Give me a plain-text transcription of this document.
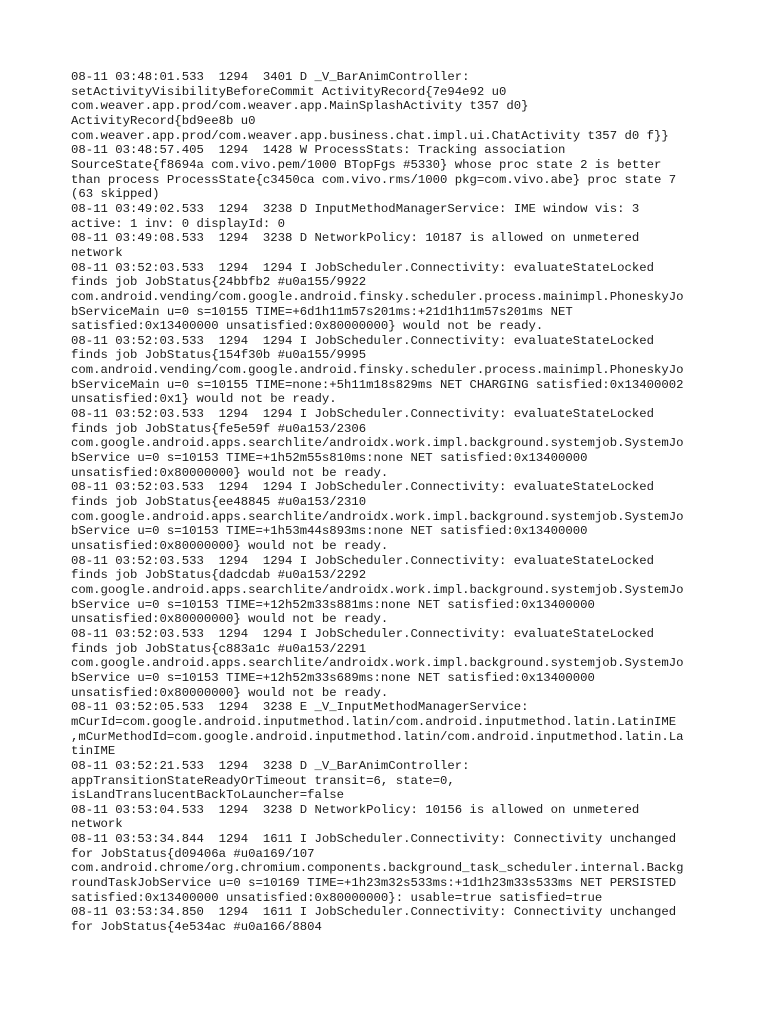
08-11 03:48:01.533  1294  3401 D _V_BarAnimController:
setActivityVisibilityBeforeCommit ActivityRecord{7e94e92 u0
com.weaver.app.prod/com.weaver.app.MainSplashActivity t357 d0}
ActivityRecord{bd9ee8b u0
com.weaver.app.prod/com.weaver.app.business.chat.impl.ui.ChatActivity t357 d0 f}}
08-11 03:48:57.405  1294  1428 W ProcessStats: Tracking association
SourceState{f8694a com.vivo.pem/1000 BTopFgs #5330} whose proc state 2 is better
than process ProcessState{c3450ca com.vivo.rms/1000 pkg=com.vivo.abe} proc state 7
(63 skipped)
08-11 03:49:02.533  1294  3238 D InputMethodManagerService: IME window vis: 3
active: 1 inv: 0 displayId: 0
08-11 03:49:08.533  1294  3238 D NetworkPolicy: 10187 is allowed on unmetered
network
08-11 03:52:03.533  1294  1294 I JobScheduler.Connectivity: evaluateStateLocked
finds job JobStatus{24bbfb2 #u0a155/9922
com.android.vending/com.google.android.finsky.scheduler.process.mainimpl.PhoneskyJo
bServiceMain u=0 s=10155 TIME=+6d1h11m57s201ms:+21d1h11m57s201ms NET
satisfied:0x13400000 unsatisfied:0x80000000} would not be ready.
08-11 03:52:03.533  1294  1294 I JobScheduler.Connectivity: evaluateStateLocked
finds job JobStatus{154f30b #u0a155/9995
com.android.vending/com.google.android.finsky.scheduler.process.mainimpl.PhoneskyJo
bServiceMain u=0 s=10155 TIME=none:+5h11m18s829ms NET CHARGING satisfied:0x13400002
unsatisfied:0x1} would not be ready.
08-11 03:52:03.533  1294  1294 I JobScheduler.Connectivity: evaluateStateLocked
finds job JobStatus{fe5e59f #u0a153/2306
com.google.android.apps.searchlite/androidx.work.impl.background.systemjob.SystemJo
bService u=0 s=10153 TIME=+1h52m55s810ms:none NET satisfied:0x13400000
unsatisfied:0x80000000} would not be ready.
08-11 03:52:03.533  1294  1294 I JobScheduler.Connectivity: evaluateStateLocked
finds job JobStatus{ee48845 #u0a153/2310
com.google.android.apps.searchlite/androidx.work.impl.background.systemjob.SystemJo
bService u=0 s=10153 TIME=+1h53m44s893ms:none NET satisfied:0x13400000
unsatisfied:0x80000000} would not be ready.
08-11 03:52:03.533  1294  1294 I JobScheduler.Connectivity: evaluateStateLocked
finds job JobStatus{dadcdab #u0a153/2292
com.google.android.apps.searchlite/androidx.work.impl.background.systemjob.SystemJo
bService u=0 s=10153 TIME=+12h52m33s881ms:none NET satisfied:0x13400000
unsatisfied:0x80000000} would not be ready.
08-11 03:52:03.533  1294  1294 I JobScheduler.Connectivity: evaluateStateLocked
finds job JobStatus{c883a1c #u0a153/2291
com.google.android.apps.searchlite/androidx.work.impl.background.systemjob.SystemJo
bService u=0 s=10153 TIME=+12h52m33s689ms:none NET satisfied:0x13400000
unsatisfied:0x80000000} would not be ready.
08-11 03:52:05.533  1294  3238 E _V_InputMethodManagerService:
mCurId=com.google.android.inputmethod.latin/com.android.inputmethod.latin.LatinIME
,mCurMethodId=com.google.android.inputmethod.latin/com.android.inputmethod.latin.La
tinIME
08-11 03:52:21.533  1294  3238 D _V_BarAnimController:
appTransitionStateReadyOrTimeout transit=6, state=0,
isLandTranslucentBackToLauncher=false
08-11 03:53:04.533  1294  3238 D NetworkPolicy: 10156 is allowed on unmetered
network
08-11 03:53:34.844  1294  1611 I JobScheduler.Connectivity: Connectivity unchanged
for JobStatus{d09406a #u0a169/107
com.android.chrome/org.chromium.components.background_task_scheduler.internal.Backg
roundTaskJobService u=0 s=10169 TIME=+1h23m32s533ms:+1d1h23m33s533ms NET PERSISTED
satisfied:0x13400000 unsatisfied:0x80000000}: usable=true satisfied=true
08-11 03:53:34.850  1294  1611 I JobScheduler.Connectivity: Connectivity unchanged
for JobStatus{4e534ac #u0a166/8804
